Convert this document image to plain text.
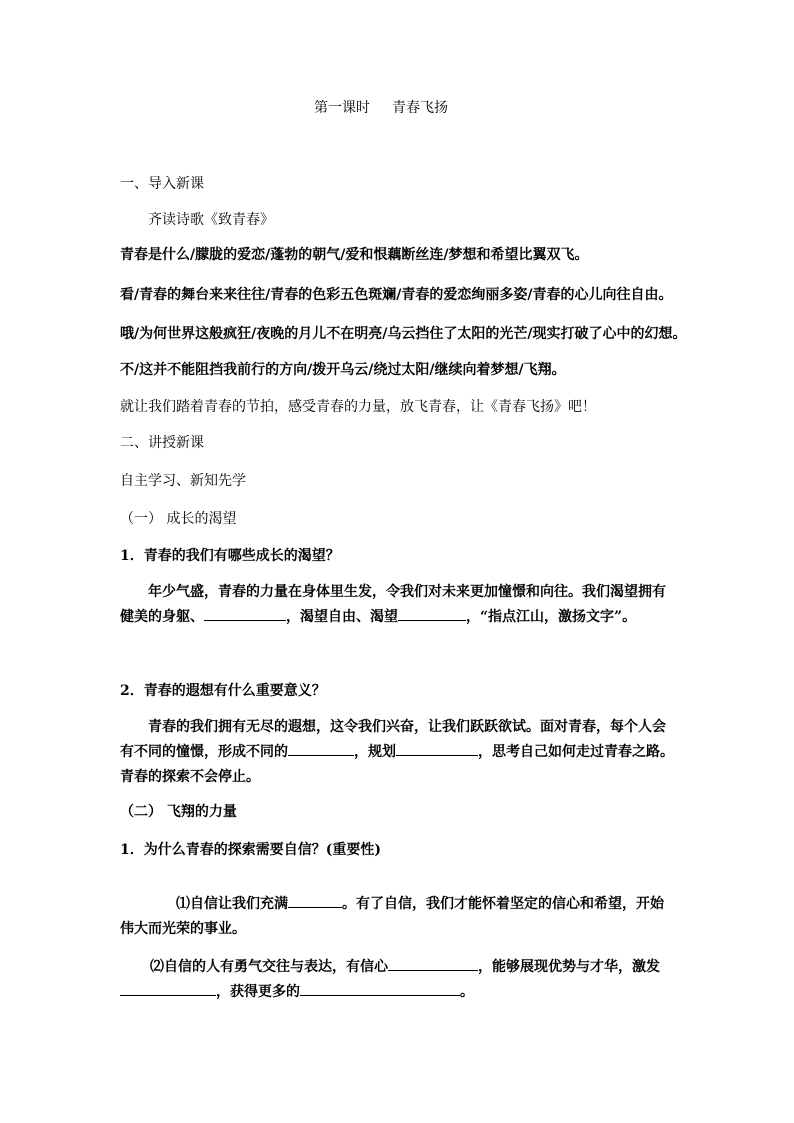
第一课时 青春飞扬
一、导入新课
齐读诗歌《致青春》
青春是什么/朦胧的爱恋/蓬勃的朝气/爱和恨藕断丝连/梦想和希望比翼双飞。
看/青春的舞台来来往往/青春的色彩五色斑斓/青春的爱恋绚丽多姿/青春的心儿向往自由。
哦/为何世界这般疯狂/夜晚的月儿不在明亮/乌云挡住了太阳的光芒/现实打破了心中的幻想。
不/这并不能阻挡我前行的方向/拨开乌云/绕过太阳/继续向着梦想/飞翔。
就让我们踏着青春的节拍，感受青春的力量，放飞青春，让《青春飞扬》吧！
二、讲授新课
自主学习、新知先学
（一） 成长的渴望
1．青春的我们有哪些成长的渴望？
年少气盛，青春的力量在身体里生发，令我们对未来更加憧憬和向往。我们渴望拥有健美的身躯、	，渴望自由、渴望	，“指点江山，激扬文字”。
2．青春的遐想有什么重要意义？
青春的我们拥有无尽的遐想，这令我们兴奋，让我们跃跃欲试。面对青春，每个人会有不同的憧憬，形成不同的	，规划	，思考自己如何走过青春之路。青春的探索不会停止。
（二） 飞翔的力量
1．为什么青春的探索需要自信？(重要性)
⑴自信让我们充满	。有了自信，我们才能怀着坚定的信心和希望，开始伟大而光荣的事业。
⑵自信的人有勇气交往与表达，有信心	，能够展现优势与才华，激发，获得更多的	。
